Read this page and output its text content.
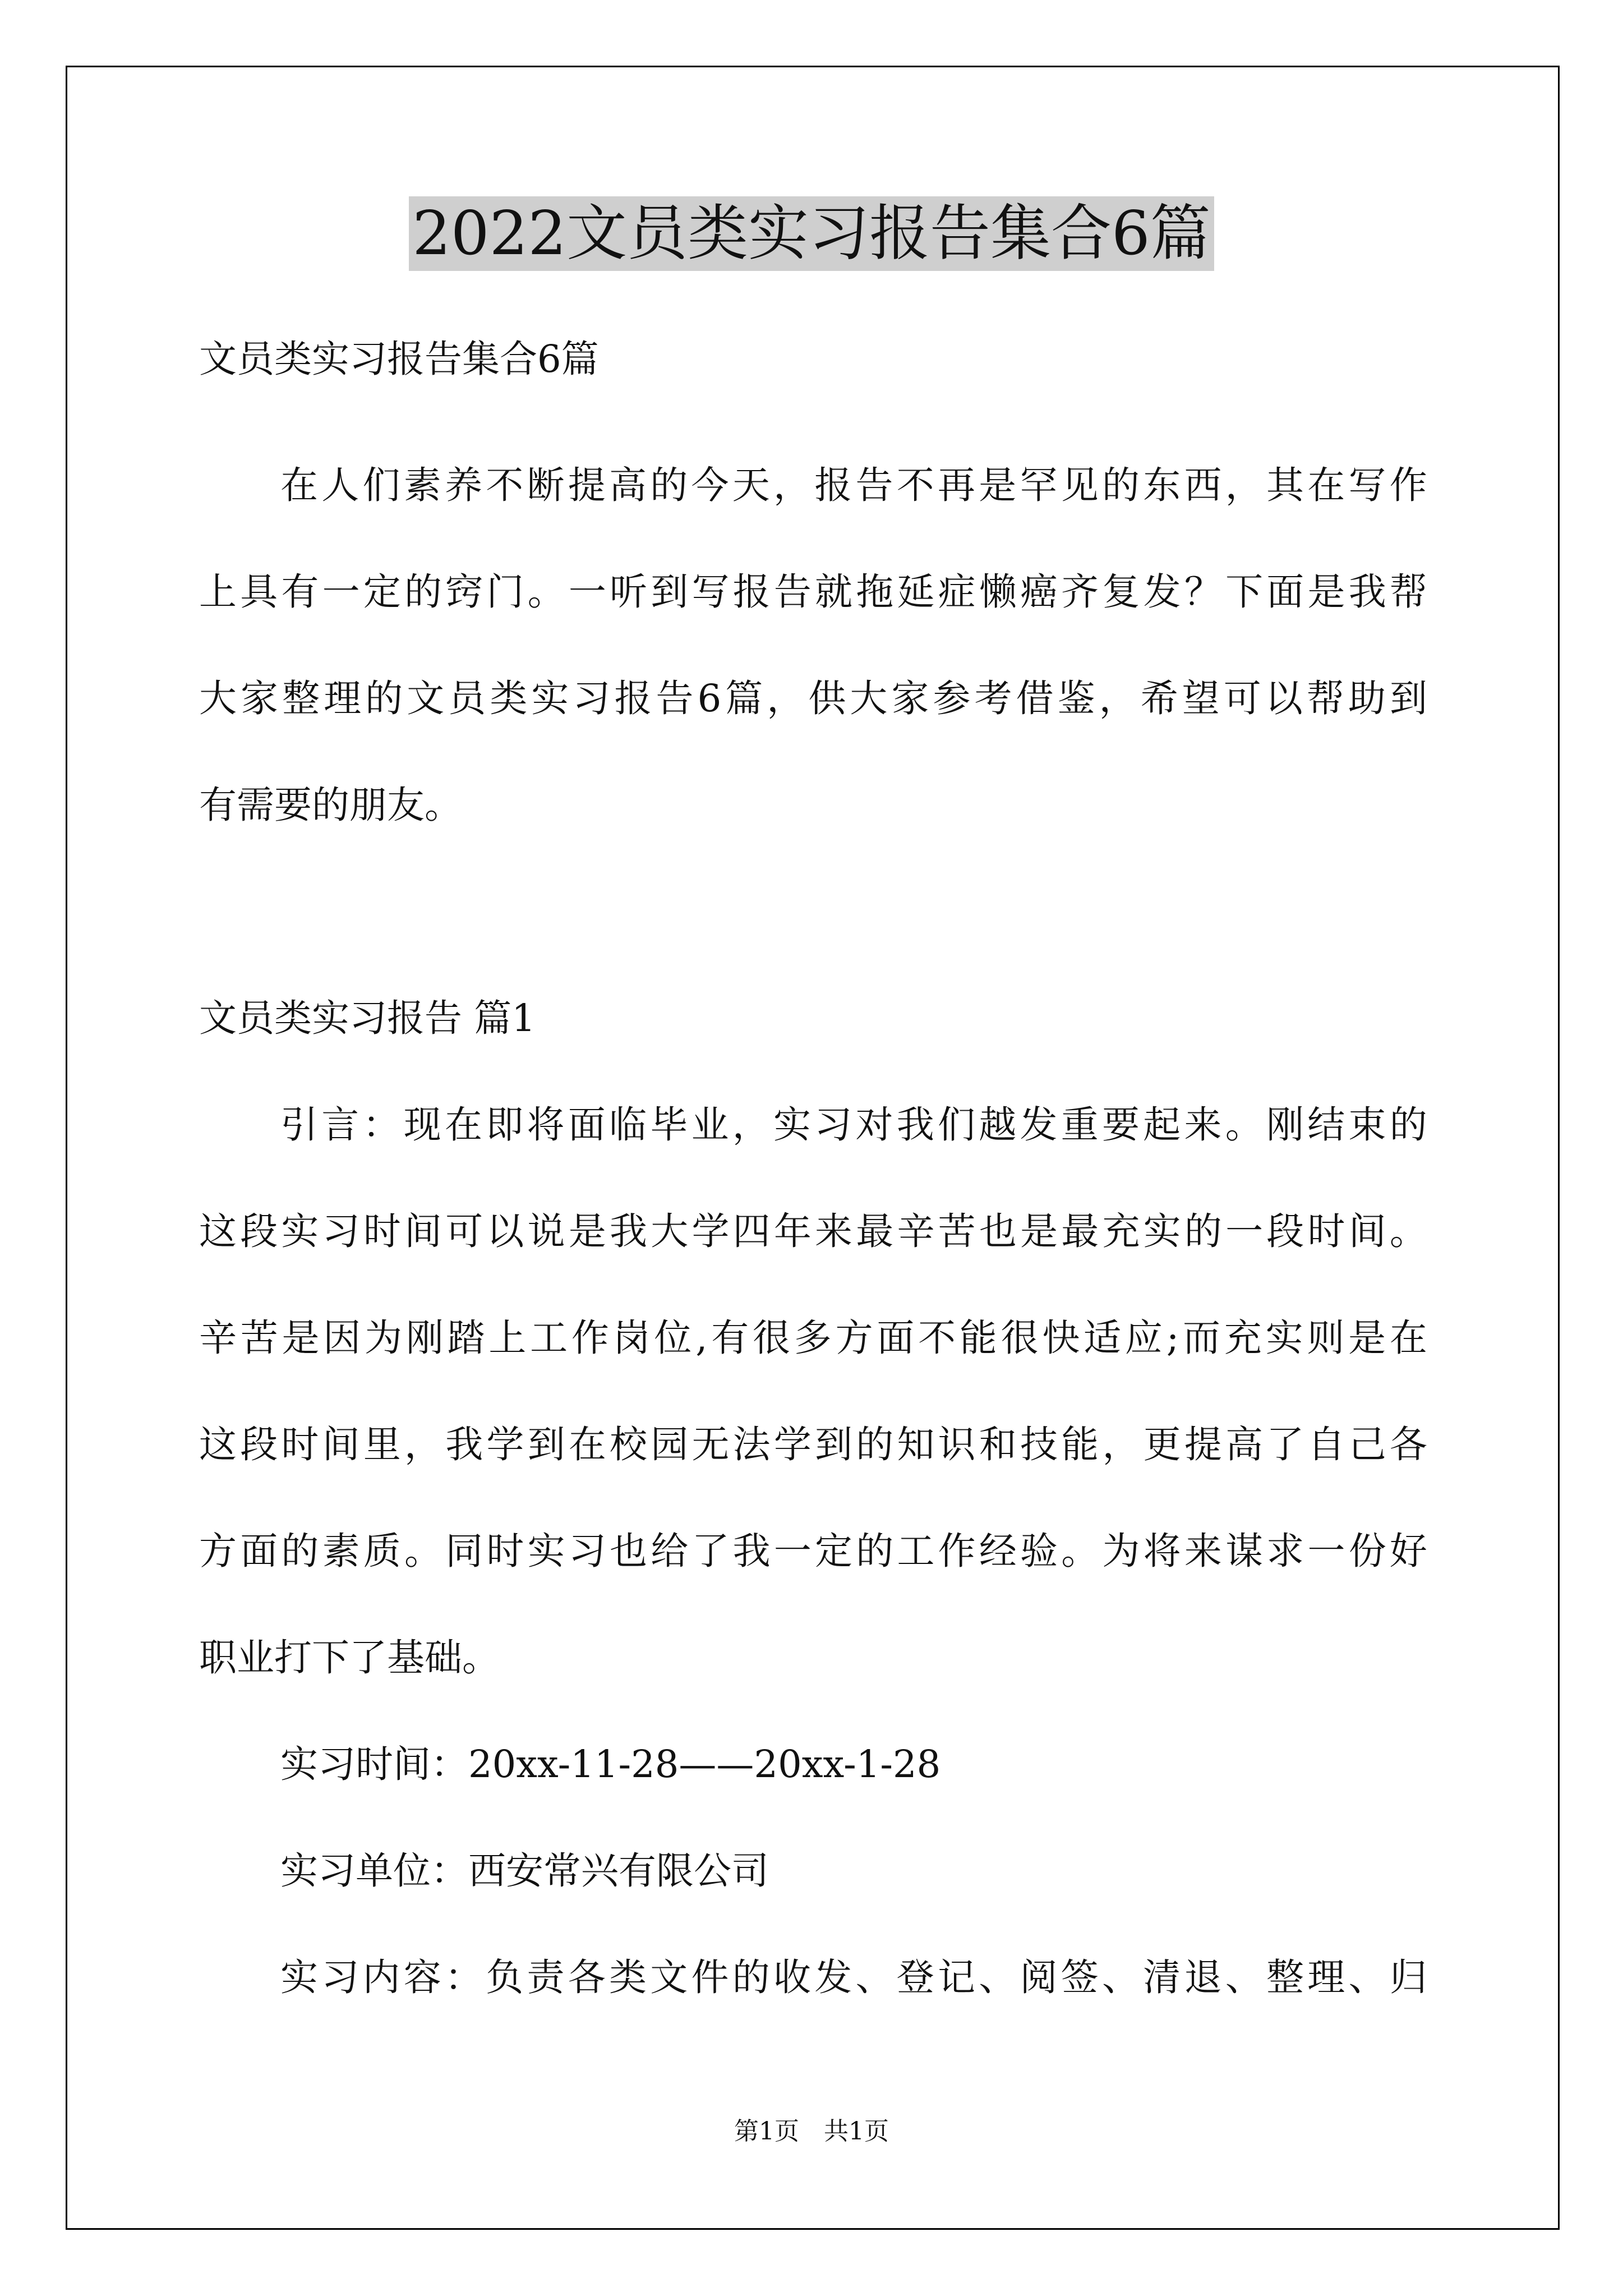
2022文员类实习报告集合6篇
文员类实习报告集合6篇
在 人 们 素 养 不 断 提 高 的 今 天 ， 报 告 不 再 是 罕 见 的 东 西 ， 其 在 写 作
上 具 有 一 定 的 窍 门 。 一 听 到 写 报 告 就 拖 延 症 懒 癌 齐 复 发 ？ 下 面 是 我 帮
大 家 整 理 的 文 员 类 实 习 报 告 6 篇 ， 供 大 家 参 考 借 鉴 ， 希 望 可 以 帮 助 到
有需要的朋友。
文员类实习报告 篇1
引 言 ： 现 在 即 将 面 临 毕 业 ， 实 习 对 我 们 越 发 重 要 起 来 。 刚 结 束 的
这 段 实 习 时 间 可 以 说 是 我 大 学 四 年 来 最 辛 苦 也 是 最 充 实 的 一 段 时 间 。
辛 苦 是 因 为 刚 踏 上 工 作 岗 位 , 有 很 多 方 面 不 能 很 快 适 应 ; 而 充 实 则 是 在
这 段 时 间 里 ， 我 学 到 在 校 园 无 法 学 到 的 知 识 和 技 能 ， 更 提 高 了 自 己 各
方 面 的 素 质 。 同 时 实 习 也 给 了 我 一 定 的 工 作 经 验 。 为 将 来 谋 求 一 份 好
职业打下了基础。
实习时间：20xx-11-28——20xx-1-28
实习单位：西安常兴有限公司
实 习 内 容 ： 负 责 各 类 文 件 的 收 发 、 登 记 、 阅 签 、 清 退 、 整 理 、 归
第1页　共1页
